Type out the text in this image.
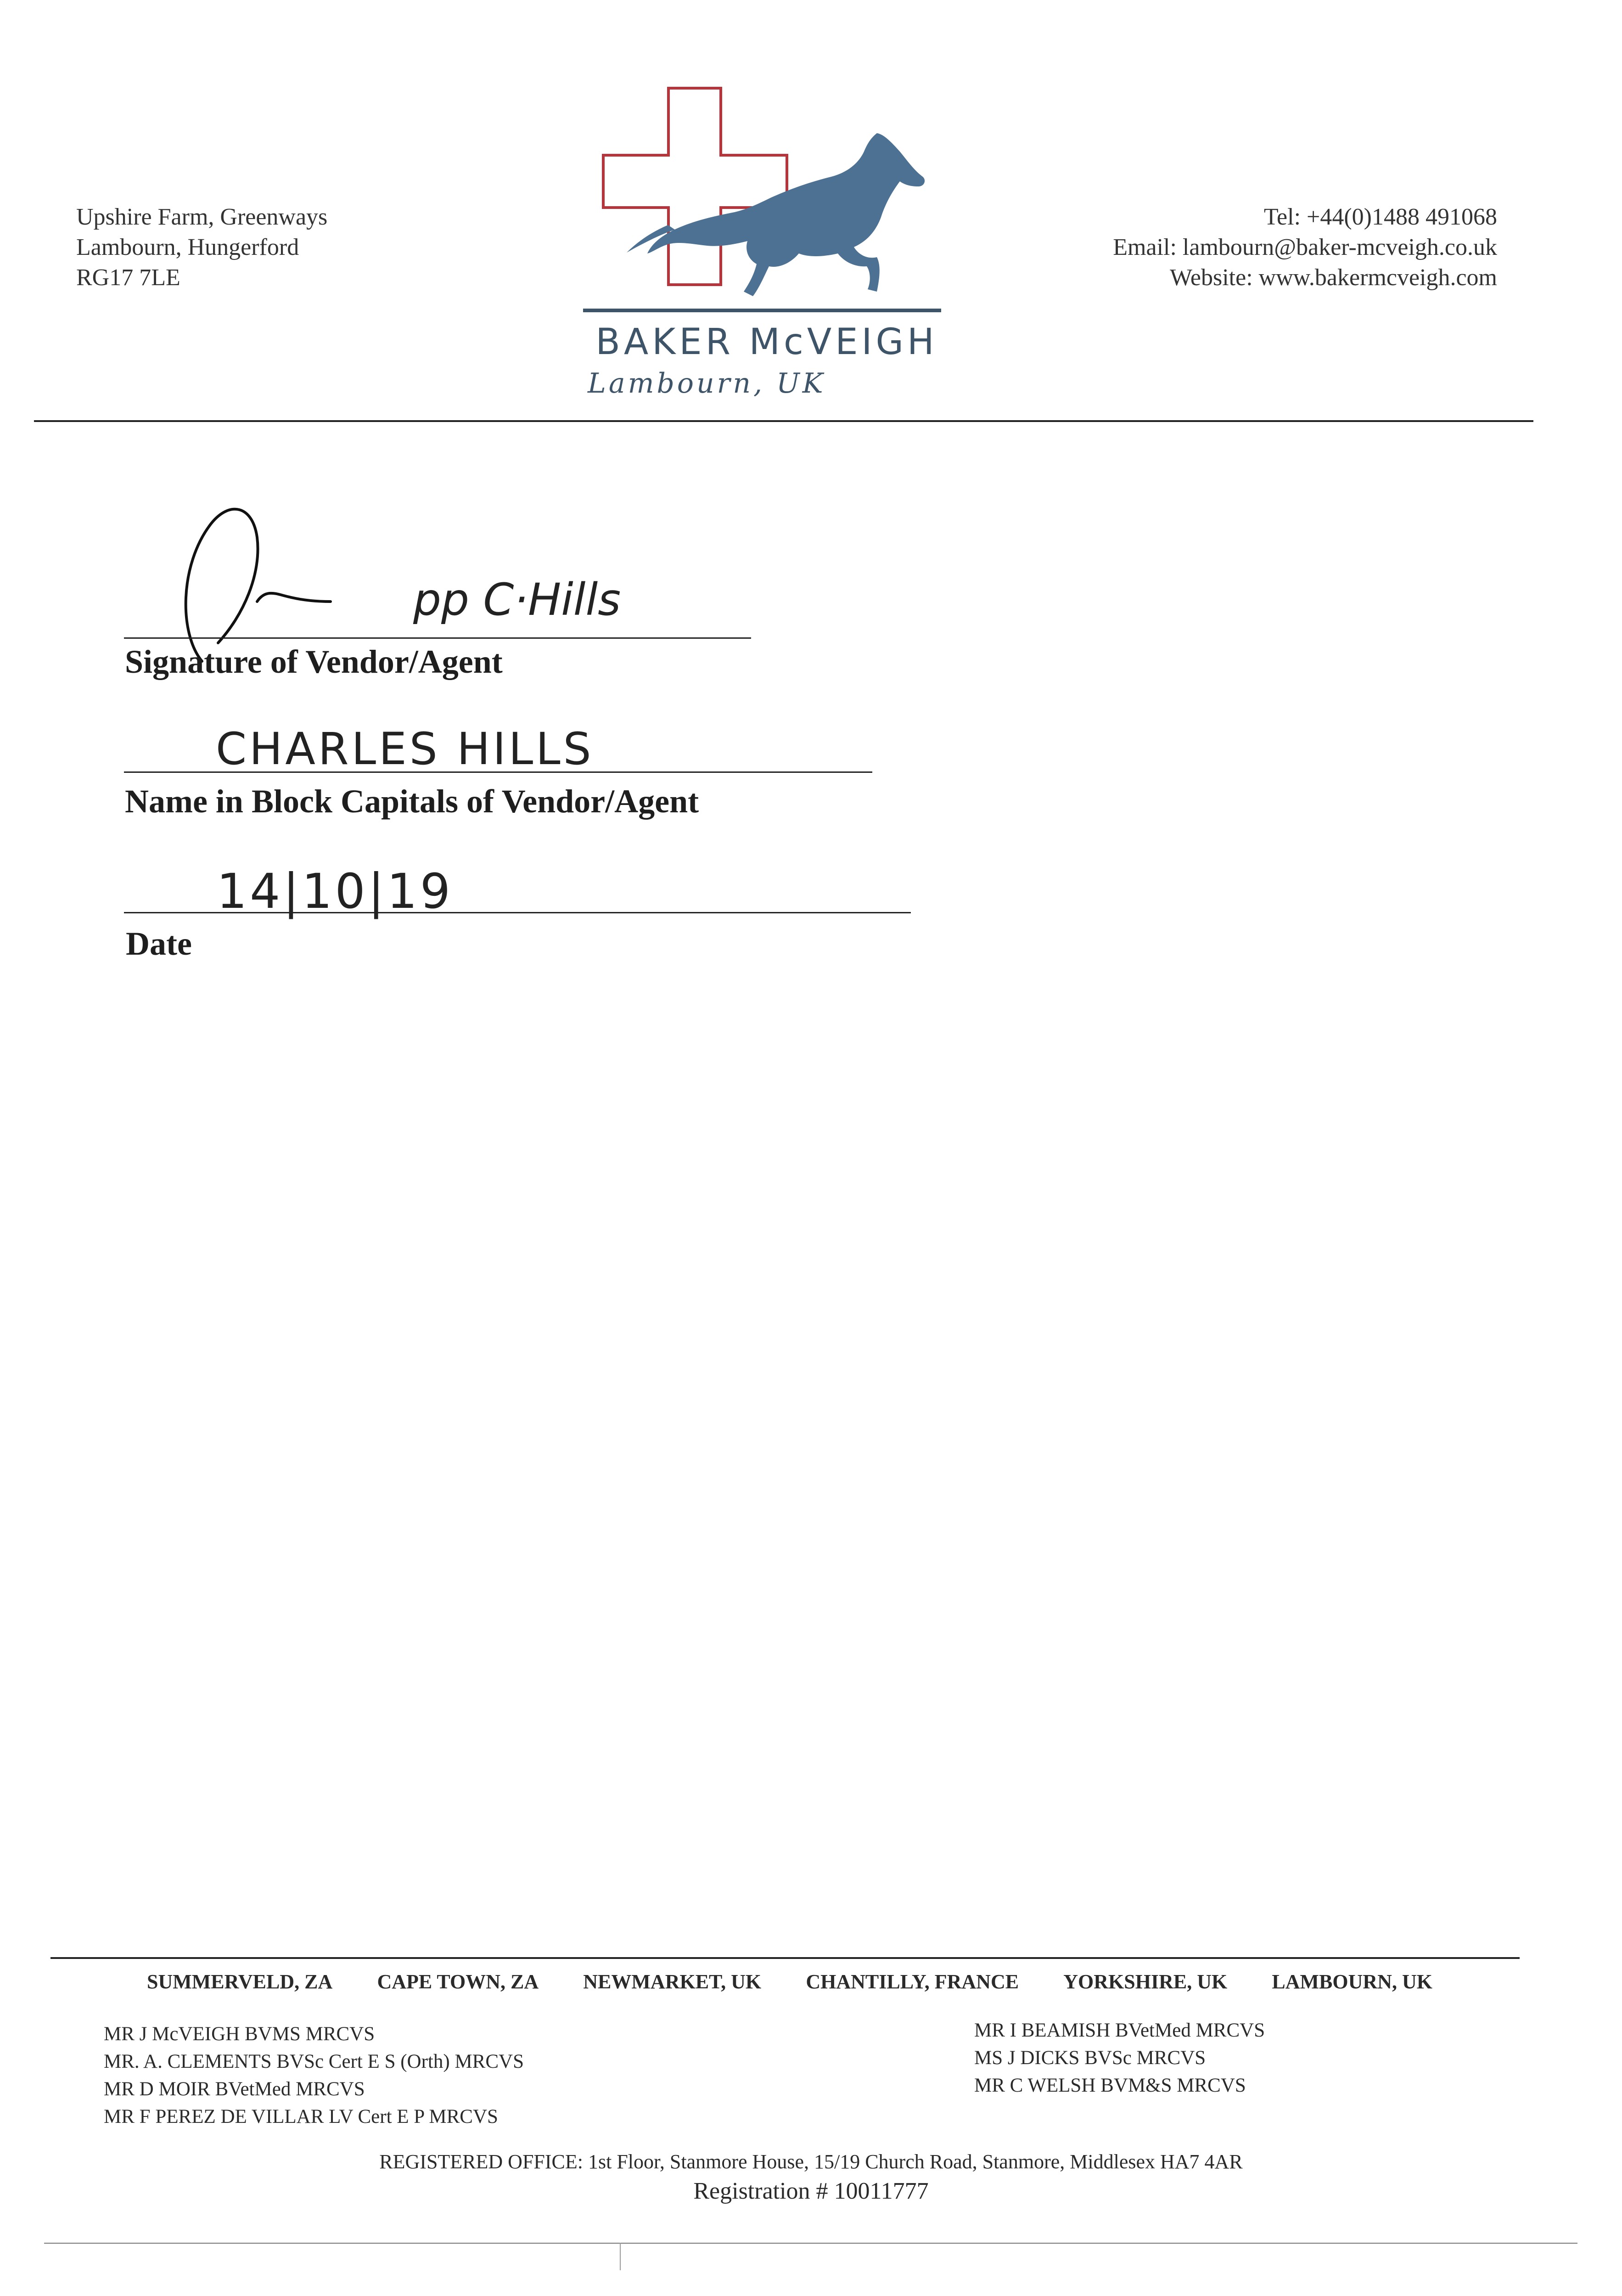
Upshire Farm, Greenways
Lambourn, Hungerford
RG17 7LE
BAKER McVEIGH
Lambourn, UK
Tel: +44(0)1488 491068
Email: lambourn@baker-mcveigh.co.uk
Website: www.bakermcveigh.com
pp C·Hills
Signature of Vendor/Agent
CHARLES HILLS
Name in Block Capitals of Vendor/Agent
14|10|19
Date
SUMMERVELD, ZA CAPE TOWN, ZA NEWMARKET, UK CHANTILLY, FRANCE YORKSHIRE, UK LAMBOURN, UK
MR J McVEIGH BVMS MRCVS
MR. A. CLEMENTS BVSc Cert E S (Orth) MRCVS
MR D MOIR BVetMed MRCVS
MR F PEREZ DE VILLAR LV Cert E P MRCVS
MR I BEAMISH BVetMed MRCVS
MS J DICKS BVSc MRCVS
MR C WELSH BVM&S MRCVS
REGISTERED OFFICE: 1st Floor, Stanmore House, 15/19 Church Road, Stanmore, Middlesex HA7 4AR
Registration # 10011777
